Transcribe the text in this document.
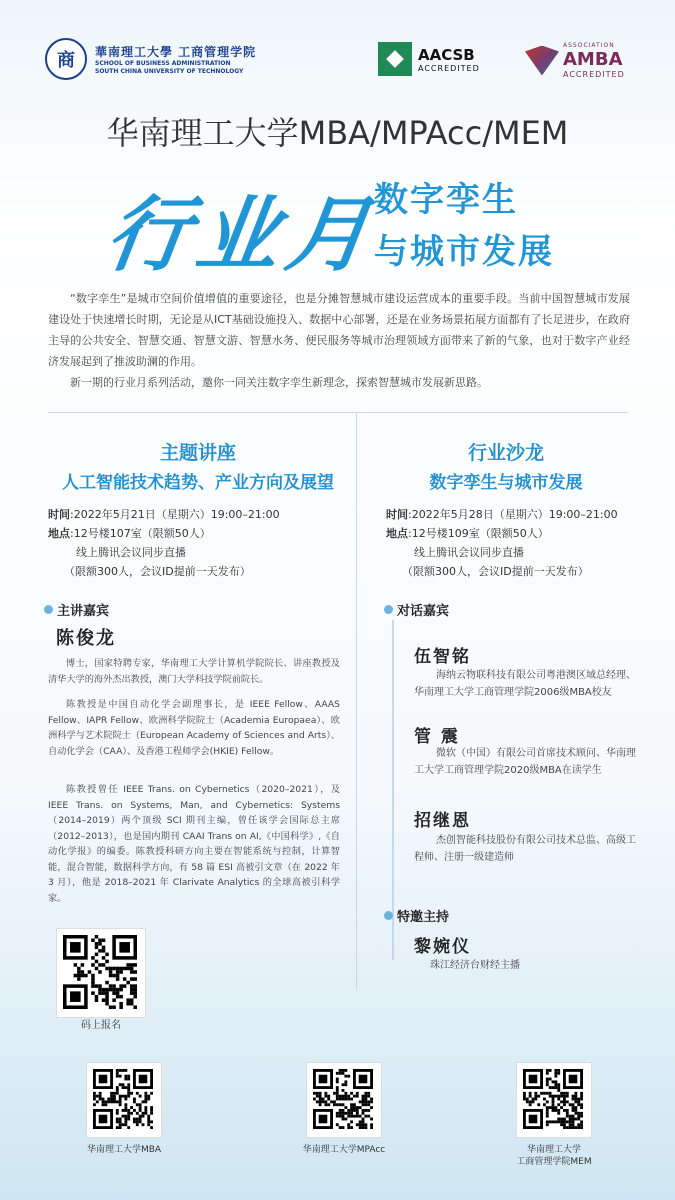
商	華南理工大學 工商管理学院
SCHOOL OF BUSINESS ADMINISTRATION
SOUTH CHINA UNIVERSITY OF TECHNOLOGY
AACSB
ACCREDITED
ASSOCIATION
AMBA
ACCREDITED
华南理工大学MBA/MPAcc/MEM
行业月
数字孪生
与城市发展

“数字孪生”是城市空间价值增值的重要途径，也是分摊智慧城市建设运营成本的重要手段。当前中国智慧城市发展建设处于快速增长时期，无论是从ICT基础设施投入、数据中心部署，还是在业务场景拓展方面都有了长足进步，在政府主导的公共安全、智慧交通、智慧文游、智慧水务、便民服务等城市治理领域方面带来了新的气象，也对于数字产业经济发展起到了推波助澜的作用。

新一期的行业月系列活动，邀你一同关注数字孪生新理念，探索智慧城市发展新思路。

主题讲座
人工智能技术趋势、产业方向及展望
行业沙龙
数字孪生与城市发展
时间:2022年5月21日（星期六）19:00–21:00
地点:12号楼107室（限额50人）
线上腾讯会议同步直播
（限额300人，会议ID提前一天发布）
时间:2022年5月28日（星期六）19:00–21:00
地点:12号楼109室（限额50人）
线上腾讯会议同步直播
（限额300人，会议ID提前一天发布）
主讲嘉宾
陈俊龙

博士，国家特聘专家，华南理工大学计算机学院院长、讲座教授及清华大学的海外杰出教授，澳门大学科技学院前院长。

陈教授是中国自动化学会副理事长，是 IEEE Fellow、AAAS Fellow、IAPR Fellow、欧洲科学院院士（Academia Europaea）、欧洲科学与艺术院院士（European Academy of Sciences and Arts）、自动化学会（CAA）、及香港工程师学会(HKIE) Fellow。

陈教授曾任 IEEE Trans. on Cybernetics（2020–2021），及 IEEE Trans. on Systems, Man, and Cybernetics: Systems（2014–2019）两个顶级 SCI 期刊主编，曾任该学会国际总主席（2012–2013），也是国内期刊 CAAI Trans on AI,《中国科学》,《自动化学报》的编委。陈教授科研方向主要在智能系统与控制，计算智能，混合智能，数据科学方向，有 58 篇 ESI 高被引文章（在 2022 年 3 月），他是 2018–2021 年 Clarivate Analytics 的全球高被引科学家。

对话嘉宾
伍智铭
海纳云物联科技有限公司粤港澳区域总经理、华南理工大学工商管理学院2006级MBA校友
管 震
微软（中国）有限公司首席技术顾问、华南理工大学工商管理学院2020级MBA在读学生
招继恩
杰创智能科技股份有限公司技术总监、高级工程师、注册一级建造师
特邀主持
黎婉仪
珠江经济台财经主播
码上报名
华南理工大学MBA	华南理工大学MPAcc	华南理工大学
工商管理学院MEM
